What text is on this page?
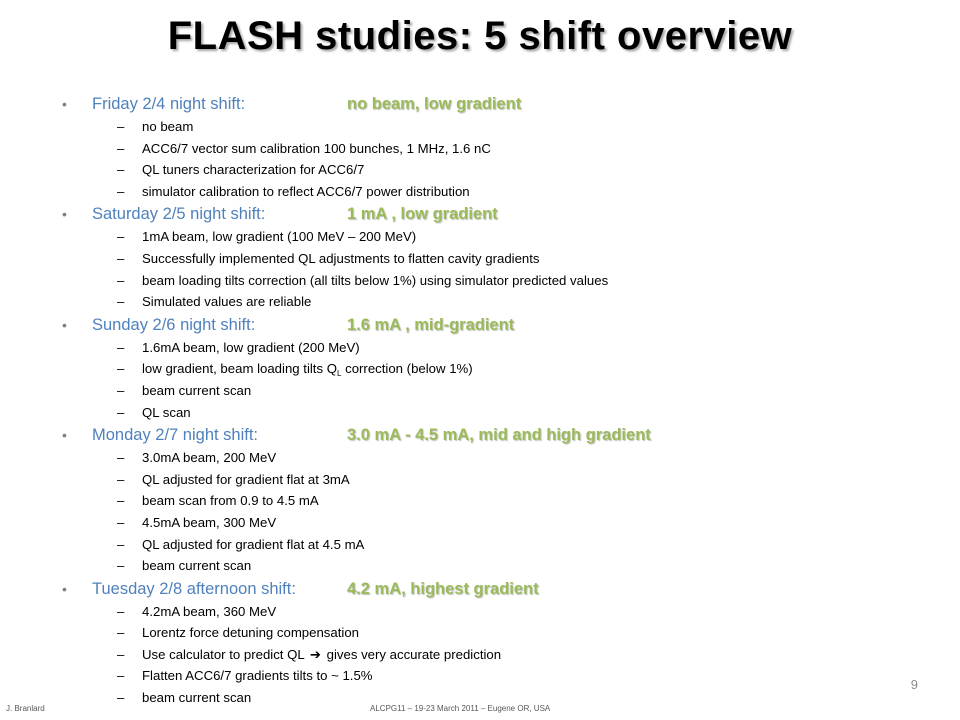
FLASH studies: 5 shift overview
• Friday 2/4 night shift:	no beam, low gradient
– no beam
– ACC6/7 vector sum calibration 100 bunches, 1 MHz, 1.6 nC
– QL tuners characterization for ACC6/7
– simulator calibration to reflect ACC6/7 power distribution
• Saturday 2/5 night shift:	1 mA , low gradient
– 1mA beam, low gradient (100 MeV – 200 MeV)
– Successfully implemented QL adjustments to flatten cavity gradients
– beam loading tilts correction (all tilts below 1%) using simulator predicted values
– Simulated values are reliable
• Sunday 2/6 night shift:	1.6 mA , mid-gradient
– 1.6mA beam, low gradient (200 MeV)
– low gradient, beam loading tilts $Q_L$ correction (below 1%)
– beam current scan
– QL scan
• Monday 2/7 night shift:	3.0 mA - 4.5 mA, mid and high gradient
– 3.0mA beam, 200 MeV
– QL adjusted for gradient flat at 3mA
– beam scan from 0.9 to 4.5 mA
– 4.5mA beam, 300 MeV
– QL adjusted for gradient flat at 4.5 mA
– beam current scan
• Tuesday 2/8 afternoon shift:	4.2 mA, highest gradient
– 4.2mA beam, 360 MeV
– Lorentz force detuning compensation
– Use calculator to predict QL ➔ gives very accurate prediction
– Flatten ACC6/7 gradients tilts to ~ 1.5%
– beam current scan
9
J. Branlard	ALCPG11 – 19-23 March 2011 – Eugene OR, USA
